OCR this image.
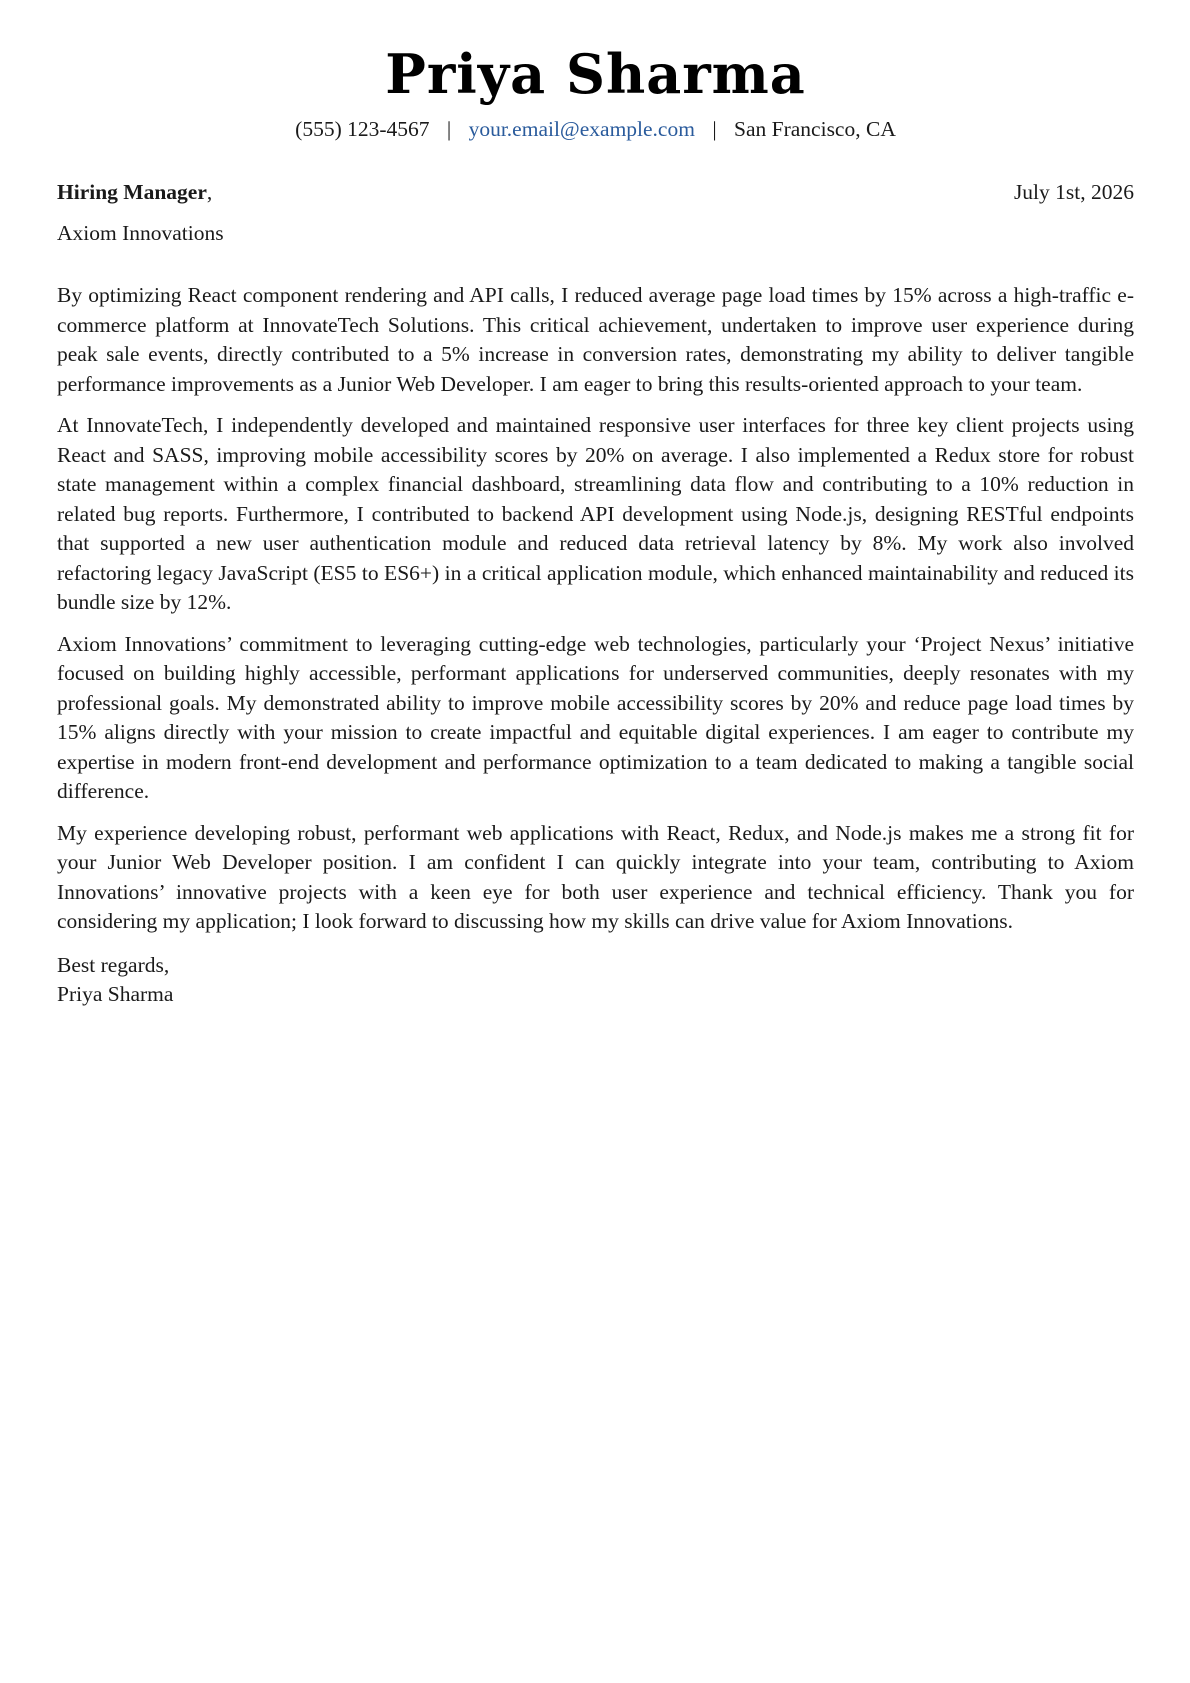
Priya Sharma
(555) 123-4567 | your.email@example.com | San Francisco, CA
Hiring Manager,	July 1st, 2026
Axiom Innovations

By optimizing React component rendering and API calls, I reduced average page load times by 15% across a high-traffic e-commerce platform at InnovateTech Solutions. This critical achievement, undertaken to improve user experience during peak sale events, directly contributed to a 5% increase in conversion rates, demonstrating my ability to deliver tangible performance improvements as a Junior Web Developer. I am eager to bring this results-oriented approach to your team.

At InnovateTech, I independently developed and maintained responsive user interfaces for three key client projects using React and SASS, improving mobile accessibility scores by 20% on average. I also implemented a Redux store for robust state management within a complex financial dashboard, streamlining data flow and contributing to a 10% reduction in related bug reports. Furthermore, I contributed to backend API development using Node.js, designing RESTful endpoints that supported a new user authentication module and reduced data retrieval latency by 8%. My work also involved refactoring legacy JavaScript (ES5 to ES6+) in a critical application module, which enhanced maintainability and reduced its bundle size by 12%.

Axiom Innovations’ commitment to leveraging cutting-edge web technologies, particularly your ‘Project Nexus’ initiative focused on building highly accessible, performant applications for underserved communities, deeply resonates with my professional goals. My demonstrated ability to improve mobile accessibility scores by 20% and reduce page load times by 15% aligns directly with your mission to create impactful and equitable digital experiences. I am eager to contribute my expertise in modern front-end development and performance optimization to a team dedicated to making a tangible social difference.

My experience developing robust, performant web applications with React, Redux, and Node.js makes me a strong fit for your Junior Web Developer position. I am confident I can quickly integrate into your team, contributing to Axiom Innovations’ innovative projects with a keen eye for both user experience and technical efficiency. Thank you for considering my application; I look forward to discussing how my skills can drive value for Axiom Innovations.

Best regards,
Priya Sharma
